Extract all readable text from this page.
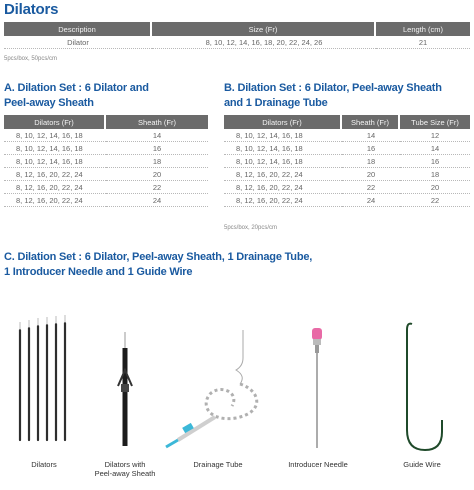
Dilators
Description	Size (Fr)	Length (cm)
Dilator	8, 10, 12, 14, 16, 18, 20, 22, 24, 26	21
5pcs/box, 50pcs/cm
A. Dilation Set : 6 Dilator and
Peel-away Sheath
Dilators (Fr)	Sheath (Fr)
8, 10, 12, 14, 16, 18	14
8, 10, 12, 14, 16, 18	16
8, 10, 12, 14, 16, 18	18
8, 12, 16, 20, 22, 24	20
8, 12, 16, 20, 22, 24	22
8, 12, 16, 20, 22, 24	24
B. Dilation Set : 6 Dilator, Peel-away Sheath
and 1 Drainage Tube
Dilators (Fr)	Sheath (Fr)	Tube Size (Fr)
8, 10, 12, 14, 16, 18	14	12
8, 10, 12, 14, 16, 18	16	14
8, 10, 12, 14, 16, 18	18	16
8, 12, 16, 20, 22, 24	20	18
8, 12, 16, 20, 22, 24	22	20
8, 12, 16, 20, 22, 24	24	22
5pcs/box, 20pcs/cm
C. Dilation Set : 6 Dilator, Peel-away Sheath, 1 Drainage Tube,
1 Introducer Needle and 1 Guide Wire
Dilators	Dilators with
Peel-away Sheath
Drainage Tube	Introducer Needle	Guide Wire
